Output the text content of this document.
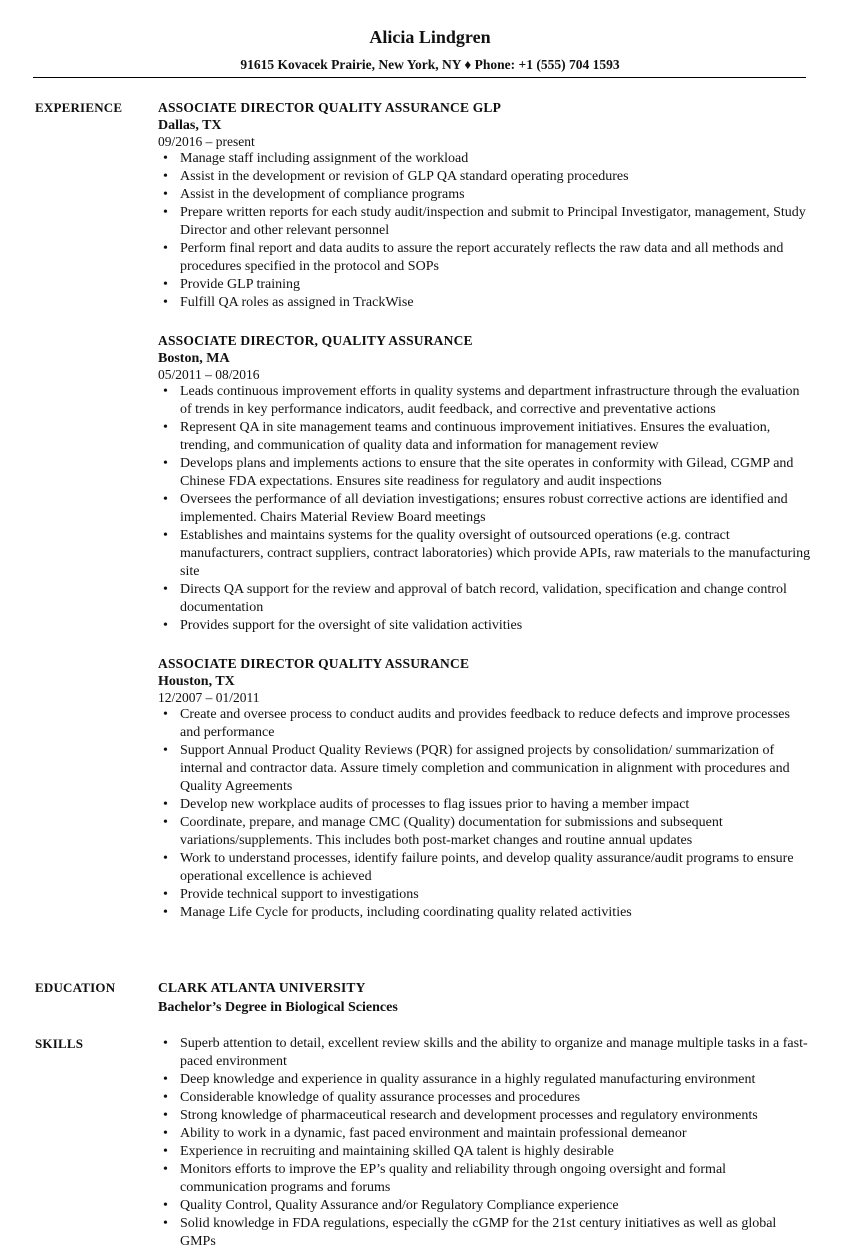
Alicia Lindgren
91615 Kovacek Prairie, New York, NY ♦ Phone: +1 (555) 704 1593
EXPERIENCE	ASSOCIATE DIRECTOR QUALITY ASSURANCE GLP
Dallas, TX
09/2016 – present
• Manage staff including assignment of the workload
• Assist in the development or revision of GLP QA standard operating procedures
• Assist in the development of compliance programs
• Prepare written reports for each study audit/inspection and submit to Principal Investigator, management, Study Director and other relevant personnel
• Perform final report and data audits to assure the report accurately reflects the raw data and all methods and procedures specified in the protocol and SOPs
• Provide GLP training
• Fulfill QA roles as assigned in TrackWise
ASSOCIATE DIRECTOR, QUALITY ASSURANCE
Boston, MA
05/2011 – 08/2016
• Leads continuous improvement efforts in quality systems and department infrastructure through the evaluation of trends in key performance indicators, audit feedback, and corrective and preventative actions
• Represent QA in site management teams and continuous improvement initiatives. Ensures the evaluation, trending, and communication of quality data and information for management review
• Develops plans and implements actions to ensure that the site operates in conformity with Gilead, CGMP and Chinese FDA expectations. Ensures site readiness for regulatory and audit inspections
• Oversees the performance of all deviation investigations; ensures robust corrective actions are identified and implemented. Chairs Material Review Board meetings
• Establishes and maintains systems for the quality oversight of outsourced operations (e.g. contract manufacturers, contract suppliers, contract laboratories) which provide APIs, raw materials to the manufacturing site
• Directs QA support for the review and approval of batch record, validation, specification and change control documentation
• Provides support for the oversight of site validation activities
ASSOCIATE DIRECTOR QUALITY ASSURANCE
Houston, TX
12/2007 – 01/2011
• Create and oversee process to conduct audits and provides feedback to reduce defects and improve processes and performance
• Support Annual Product Quality Reviews (PQR) for assigned projects by consolidation/ summarization of internal and contractor data. Assure timely completion and communication in alignment with procedures and Quality Agreements
• Develop new workplace audits of processes to flag issues prior to having a member impact
• Coordinate, prepare, and manage CMC (Quality) documentation for submissions and subsequent variations/supplements. This includes both post-market changes and routine annual updates
• Work to understand processes, identify failure points, and develop quality assurance/audit programs to ensure operational excellence is achieved
• Provide technical support to investigations
• Manage Life Cycle for products, including coordinating quality related activities
EDUCATION	CLARK ATLANTA UNIVERSITY
Bachelor’s Degree in Biological Sciences
SKILLS
•	Superb attention to detail, excellent review skills and the ability to organize and manage multiple tasks in a fast-paced environment
• Deep knowledge and experience in quality assurance in a highly regulated manufacturing environment
• Considerable knowledge of quality assurance processes and procedures
• Strong knowledge of pharmaceutical research and development processes and regulatory environments
• Ability to work in a dynamic, fast paced environment and maintain professional demeanor
• Experience in recruiting and maintaining skilled QA talent is highly desirable
• Monitors efforts to improve the EP’s quality and reliability through ongoing oversight and formal communication programs and forums
• Quality Control, Quality Assurance and/or Regulatory Compliance experience
• Solid knowledge in FDA regulations, especially the cGMP for the 21st century initiatives as well as global GMPs
